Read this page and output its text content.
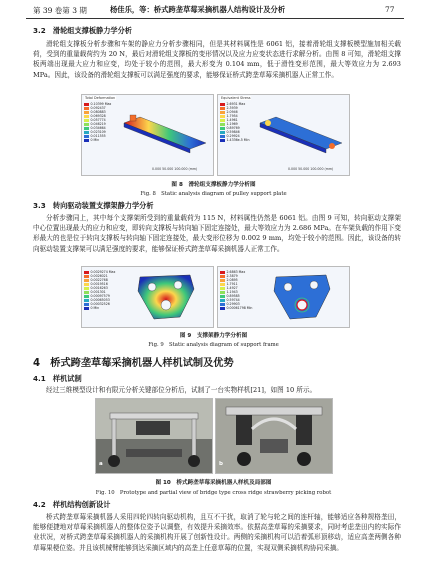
第 39 卷第 3 期	杨佳乐，等：桥式跨垄草莓采摘机器人结构设计及分析	77
3.2　滑轮组支撑板静力学分析

滑轮组支撑板分析步骤和车架的静应力分析步骤相同，但是其材料属性是 6061 铝，接着滑轮组支撑板模型施加相关载荷，受到的重量载荷约为 20 N，最后对滑轮组支撑板的变形情况以及应力应变状态进行求解分析。由图 8 可知，滑轮组支撑板两端出现最大应力和应变，均处于较小的范围，最大形变为 0.104 mm，低于滑性变形范围，最大等效应力为 2.693 MPa。因此，该设备的滑轮组支撑板可以满足强度的要求，能够保证桥式跨垄草莓采摘机器人正常工作。

Total Deformation
0.10399 Max
0.092437
0.080883
0.069328
0.057774
0.046219
0.034664
0.023109
0.011555
0 Min
0.000 50.000 100.000 (mm)
Equivalent Stress
2.6931 Max
2.3939
2.0946
1.7954
1.4961
1.1969
0.89769
0.59846
0.29924
1.4336e-5 Min
0.000 50.000 100.000 (mm)
图 8　滑轮组支撑板静力学分析图
Fig. 8　Static analysis diagram of pulley support plate
3.3　转向驱动装置支撑架静力学分析

分析步骤同上，其中每个支撑架所受到的重量载荷为 115 N，材料属性仍然是 6061 铝。由图 9 可知，转向驱动支撑架中心位置出现最大的应力和应变，即转向支撑板与转向轴下固定连接处，最大等效应力为 2.686 MPa。在车架负载的作用下变形最大的也是位于转向支撑板与转向轴下固定连接处，最大变形位移为 0.002 9 mm，均处于较小的范围。因此，该设备的转向驱动装置支撑架可以满足强度的要求，能够保证桥式跨垄草莓采摘机器人正常工作。

0.0029274 Max
0.0026021
0.0022768
0.0019516
0.0016263
0.001301
0.00097579
0.00065053
0.00032526
0 Min
2.6863 Max
2.3879
2.0895
1.7911
1.4927
1.1943
0.89585
0.59744
0.29903
0.00061798 Min
图 9　支撑架静力学分析图
Fig. 9　Static analysis diagram of support frame
4　桥式跨垄草莓采摘机器人样机试制及优势
4.1　样机试制

经过三维模型设计和有限元分析关键部位分析后，试制了一台实物样机[21]，如图 10 所示。

a	b
图 10　桥式跨垄草莓采摘机器人样机及局部图
Fig. 10　Prototype and partial view of bridge type cross ridge strawberry picking robot
4.2　样机结构创新设计

桥式跨垄草莓采摘机器人采用四轮四转向驱动机构，且互不干扰，取消了轮与轮之间的连杆轴，能够适应各种规格垄田，能够便捷地对草莓采摘机器人的整体位姿予以调整，有效提升采摘效率。依据高垄草莓的采摘要求，同时考虑垄田内的实际作业状况，对桥式跨垄草莓采摘机器人的采摘机构开展了创新性设计。两侧的采摘机构可以沿着弧形顶移动，适应高垄两侧各种草莓果梗位姿。并且该机械臂能够到达采摘区域内的高垄上任意草莓的位置，实现双侧采摘机构协同采摘。
